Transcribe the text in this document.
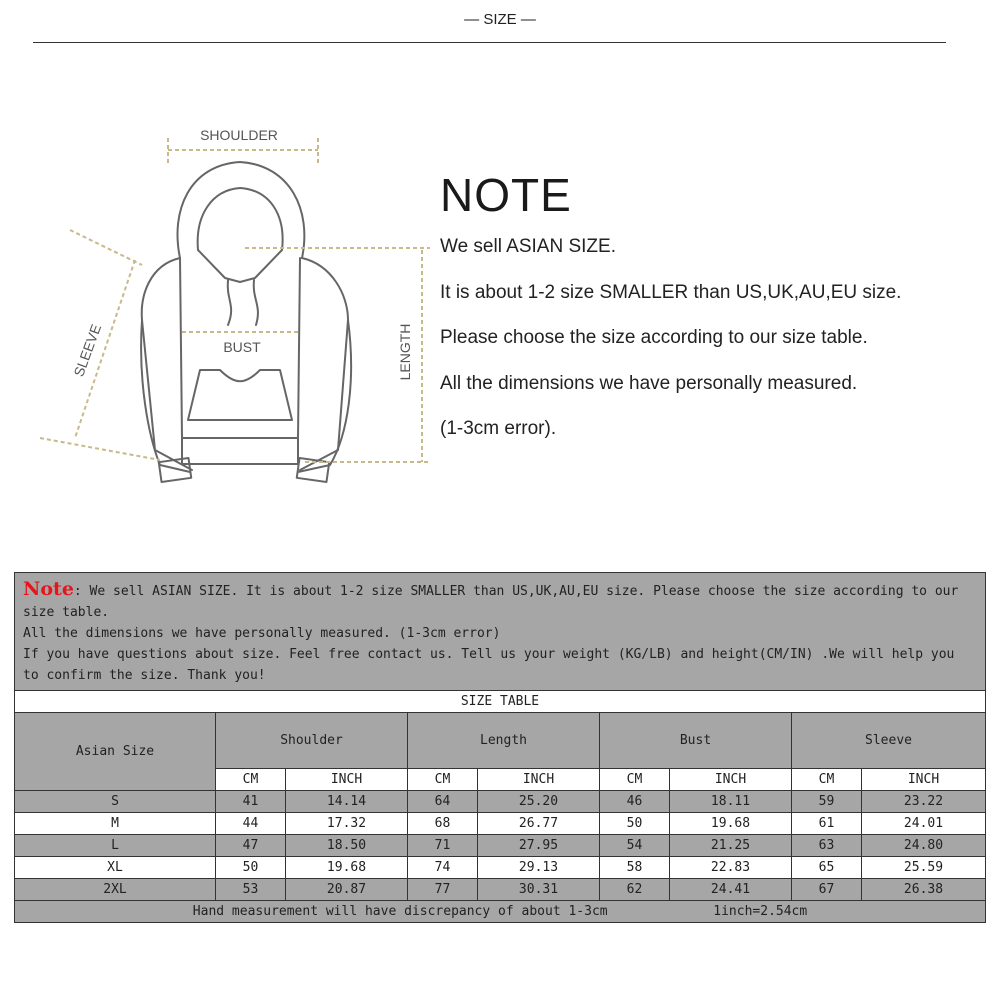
— SIZE —
SHOULDER
BUST
SLEEVE	LENGTH
NOTE
We sell ASIAN SIZE.
It is about 1-2 size SMALLER than US,UK,AU,EU size.
Please choose the size according to our size table.
All the dimensions we have personally measured.
(1-3cm error).
Note: We sell ASIAN SIZE. It is about 1-2 size SMALLER than US,UK,AU,EU size. Please choose the size according to our size table.
All the dimensions we have personally measured. (1-3cm error)
If you have questions about size. Feel free contact us. Tell us your weight (KG/LB) and height(CM/IN) .We will help you to confirm the size. Thank you!								
SIZE TABLE								
Asian Size	Shoulder		Length		Bust		Sleeve	
	CM	INCH	CM	INCH	CM	INCH	CM	INCH
S	41	14.14	64	25.20	46	18.11	59	23.22
M	44	17.32	68	26.77	50	19.68	61	24.01
L	47	18.50	71	27.95	54	21.25	63	24.80
XL	50	19.68	74	29.13	58	22.83	65	25.59
2XL	53	20.87	77	30.31	62	24.41	67	26.38
Hand measurement will have discrepancy of about 1-3cm 1inch=2.54cm								
